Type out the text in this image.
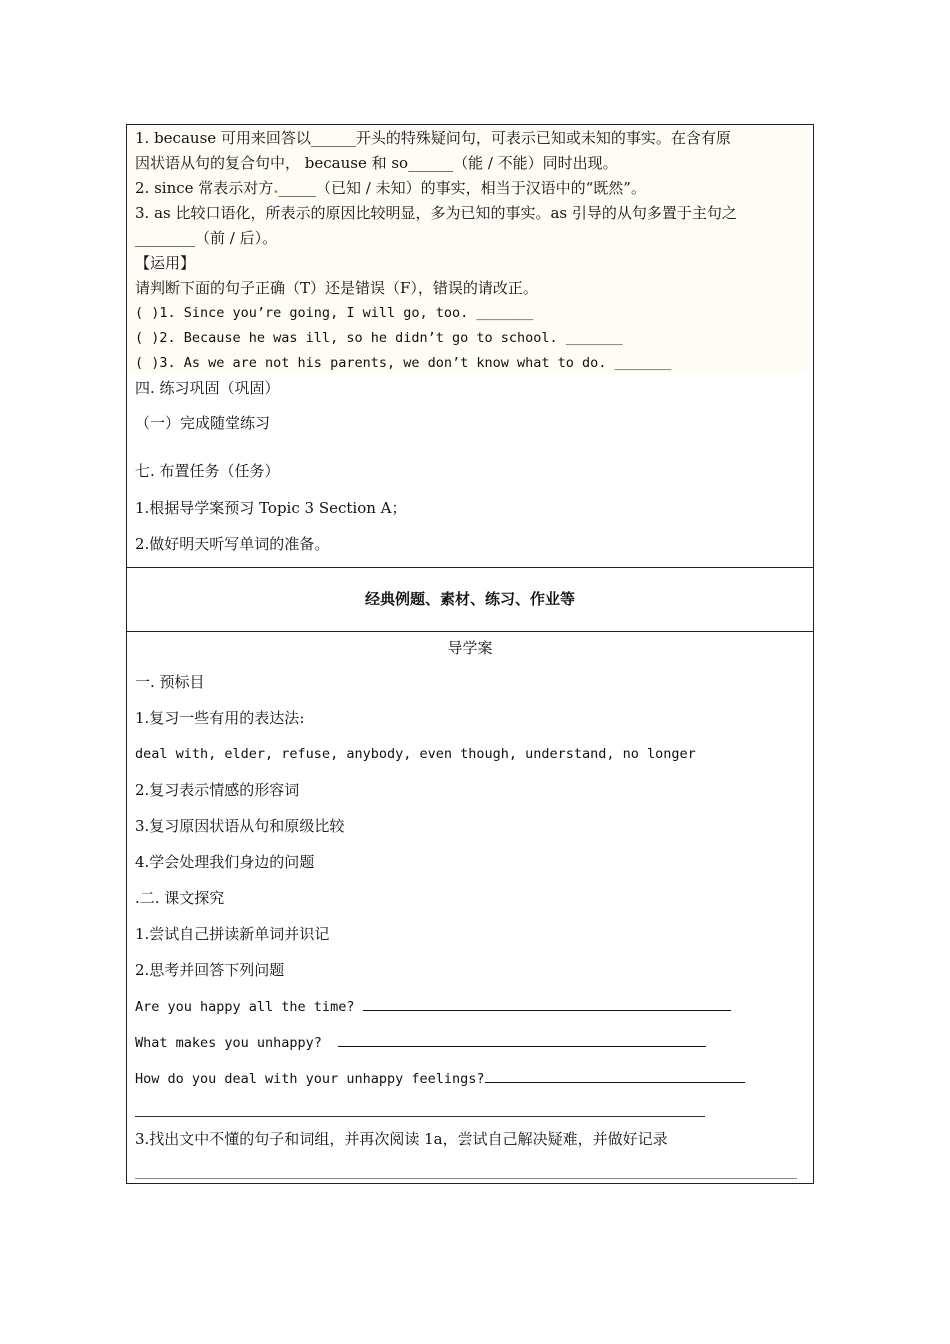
1. because 可用来回答以______开头的特殊疑问句，可表示已知或未知的事实。在含有原
因状语从句的复合句中， because 和 so______（能 / 不能）同时出现。
2. since 常表示对方._____（已知 / 未知）的事实，相当于汉语中的“既然”。
3. as 比较口语化，所表示的原因比较明显，多为已知的事实。as 引导的从句多置于主句之
________（前 / 后）。
【运用】
请判断下面的句子正确（T）还是错误（F），错误的请改正。
( )1. Since you’re going, I will go, too. _______
( )2. Because he was ill, so he didn’t go to school. _______
( )3. As we are not his parents, we don’t know what to do. _______
四. 练习巩固（巩固）
（一）完成随堂练习
七. 布置任务（任务）
1.根据导学案预习 Topic 3 Section A；
2.做好明天听写单词的准备。
经典例题、素材、练习、作业等
导学案
一. 预标目
1.复习一些有用的表达法:
deal with, elder, refuse, anybody, even though, understand, no longer
2.复习表示情感的形容词
3.复习原因状语从句和原级比较
4.学会处理我们身边的问题
.二. 课文探究
1.尝试自己拼读新单词并识记
2.思考并回答下列问题
Are you happy all the time?
What makes you unhappy?
How do you deal with your unhappy feelings?
3.找出文中不懂的句子和词组，并再次阅读 1a，尝试自己解决疑难，并做好记录
